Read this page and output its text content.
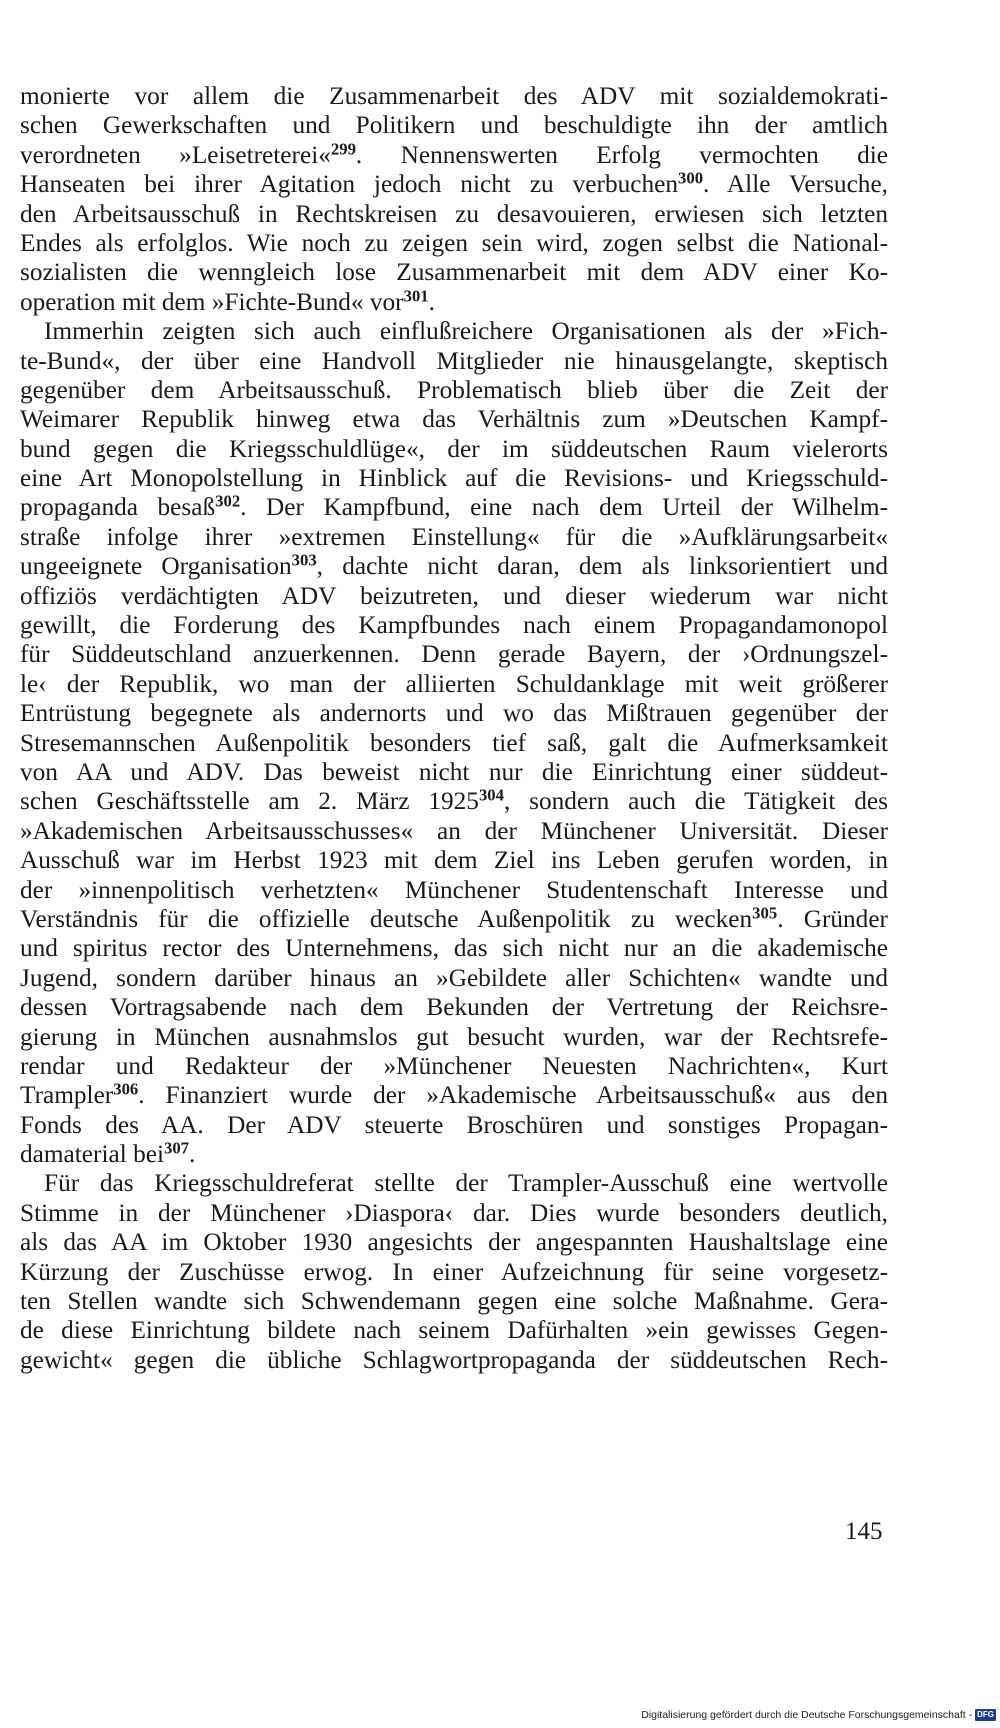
monierte vor allem die Zusammenarbeit des ADV mit sozialdemokrati-
schen Gewerkschaften und Politikern und beschuldigte ihn der amtlich
verordneten »Leisetreterei«$^{299}$. Nennenswerten Erfolg vermochten die
Hanseaten bei ihrer Agitation jedoch nicht zu verbuchen$^{300}$. Alle Versuche,
den Arbeitsausschuß in Rechtskreisen zu desavouieren, erwiesen sich letzten
Endes als erfolglos. Wie noch zu zeigen sein wird, zogen selbst die National-
sozialisten die wenngleich lose Zusammenarbeit mit dem ADV einer Ko-
operation mit dem »Fichte-Bund« vor$^{301}$.
Immerhin zeigten sich auch einflußreichere Organisationen als der »Fich-
te-Bund«, der über eine Handvoll Mitglieder nie hinausgelangte, skeptisch
gegenüber dem Arbeitsausschuß. Problematisch blieb über die Zeit der
Weimarer Republik hinweg etwa das Verhältnis zum »Deutschen Kampf-
bund gegen die Kriegsschuldlüge«, der im süddeutschen Raum vielerorts
eine Art Monopolstellung in Hinblick auf die Revisions- und Kriegsschuld-
propaganda besaß$^{302}$. Der Kampfbund, eine nach dem Urteil der Wilhelm-
straße infolge ihrer »extremen Einstellung« für die »Aufklärungsarbeit«
ungeeignete Organisation$^{303}$, dachte nicht daran, dem als linksorientiert und
offiziös verdächtigten ADV beizutreten, und dieser wiederum war nicht
gewillt, die Forderung des Kampfbundes nach einem Propagandamonopol
für Süddeutschland anzuerkennen. Denn gerade Bayern, der ›Ordnungszel-
le‹ der Republik, wo man der alliierten Schuldanklage mit weit größerer
Entrüstung begegnete als andernorts und wo das Mißtrauen gegenüber der
Stresemannschen Außenpolitik besonders tief saß, galt die Aufmerksamkeit
von AA und ADV. Das beweist nicht nur die Einrichtung einer süddeut-
schen Geschäftsstelle am 2. März 1925$^{304}$, sondern auch die Tätigkeit des
»Akademischen Arbeitsausschusses« an der Münchener Universität. Dieser
Ausschuß war im Herbst 1923 mit dem Ziel ins Leben gerufen worden, in
der »innenpolitisch verhetzten« Münchener Studentenschaft Interesse und
Verständnis für die offizielle deutsche Außenpolitik zu wecken$^{305}$. Gründer
und spiritus rector des Unternehmens, das sich nicht nur an die akademische
Jugend, sondern darüber hinaus an »Gebildete aller Schichten« wandte und
dessen Vortragsabende nach dem Bekunden der Vertretung der Reichsre-
gierung in München ausnahmslos gut besucht wurden, war der Rechtsrefe-
rendar und Redakteur der »Münchener Neuesten Nachrichten«, Kurt
Trampler$^{306}$. Finanziert wurde der »Akademische Arbeitsausschuß« aus den
Fonds des AA. Der ADV steuerte Broschüren und sonstiges Propagan-
damaterial bei$^{307}$.
Für das Kriegsschuldreferat stellte der Trampler-Ausschuß eine wertvolle
Stimme in der Münchener ›Diaspora‹ dar. Dies wurde besonders deutlich,
als das AA im Oktober 1930 angesichts der angespannten Haushaltslage eine
Kürzung der Zuschüsse erwog. In einer Aufzeichnung für seine vorgesetz-
ten Stellen wandte sich Schwendemann gegen eine solche Maßnahme. Gera-
de diese Einrichtung bildete nach seinem Dafürhalten »ein gewisses Gegen-
gewicht« gegen die übliche Schlagwortpropaganda der süddeutschen Rech-
145
Digitalisierung gefördert durch die Deutsche Forschungsgemeinschaft - DFG
